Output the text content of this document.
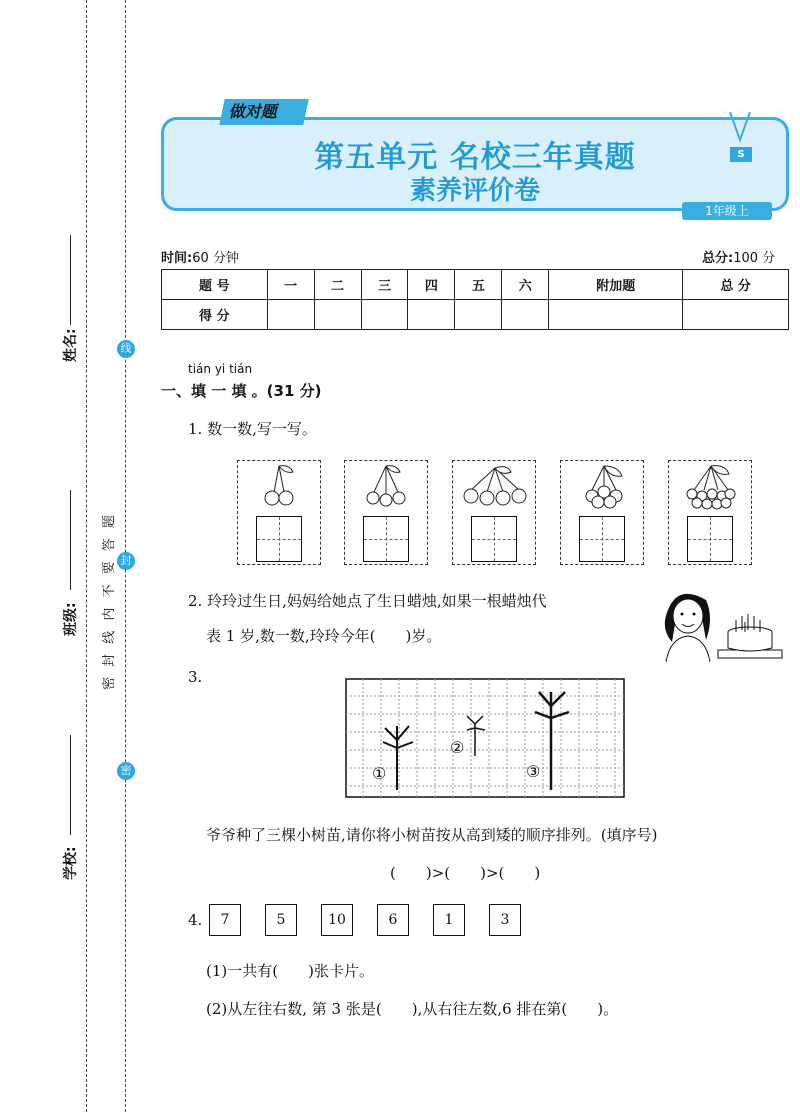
学校:
班级:
姓名:	线
封
密
密 封 线 内 不 要 答 题
做对题
S
第五单元 名校三年真题
素养评价卷
1年级上
时间:60 分钟	总分:100 分
题 号	一	二	三	四	五	六	附加题	总 分
得 分								
tián yi tián
一、填 一 填 。(31 分)
1. 数一数,写一写。
2. 玲玲过生日,妈妈给她点了生日蜡烛,如果一根蜡烛代
表 1 岁,数一数,玲玲今年(　　)岁。
3.
①
②
③
爷爷种了三棵小树苗,请你将小树苗按从高到矮的顺序排列。(填序号)
(　　)>(　　)>(　　)
4.	7	5	10	6	1	3
(1)一共有(　　)张卡片。
(2)从左往右数, 第 3 张是(　　),从右往左数,6 排在第(　　)。
